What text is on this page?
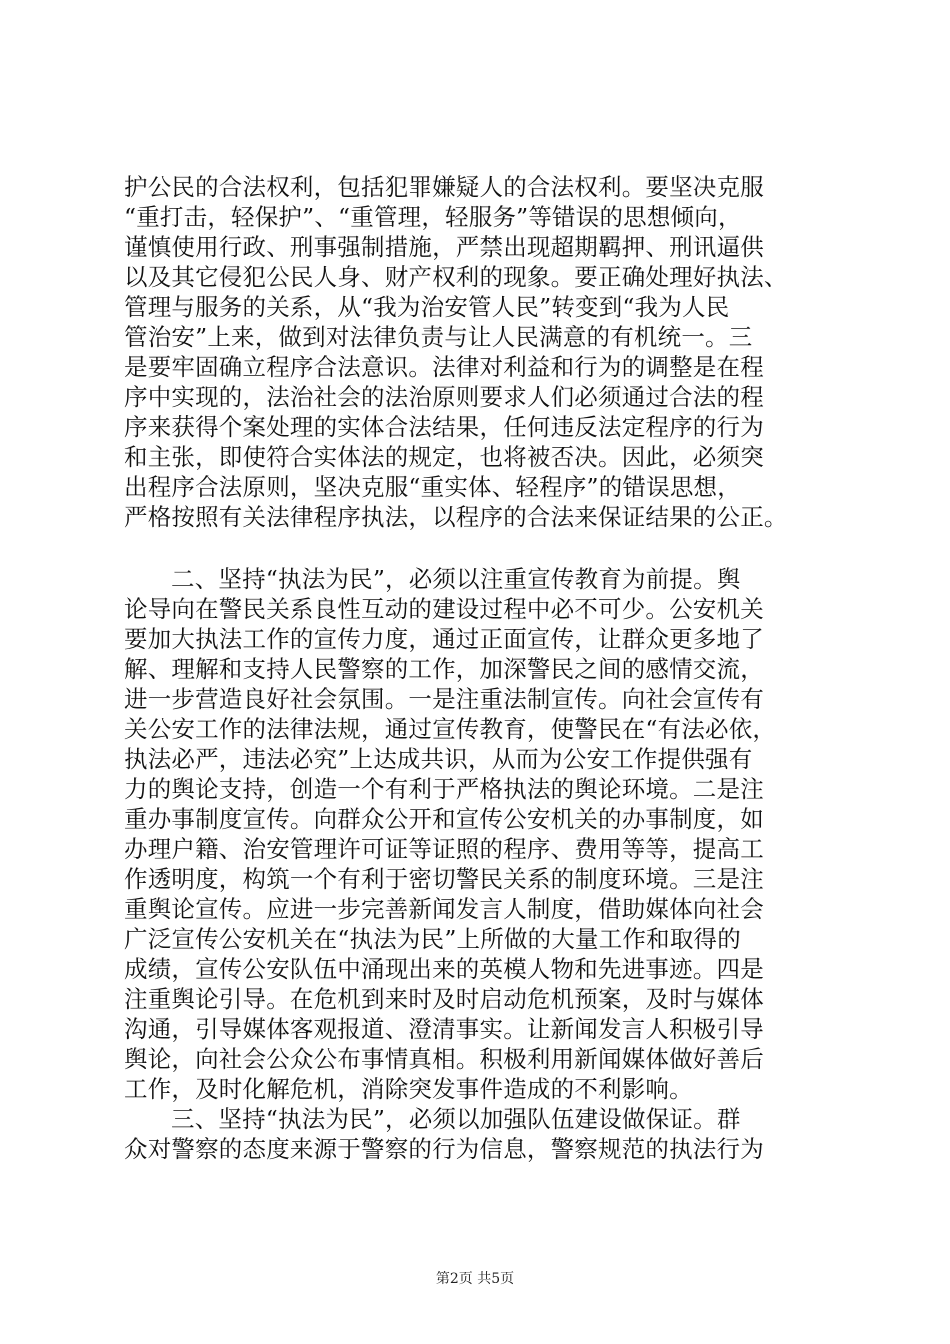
护公民的合法权利，包括犯罪嫌疑人的合法权利。要坚决克服

“重打击，轻保护”、“重管理，轻服务”等错误的思想倾向，

谨慎使用行政、刑事强制措施，严禁出现超期羁押、刑讯逼供

以及其它侵犯公民人身、财产权利的现象。要正确处理好执法、

管理与服务的关系，从“我为治安管人民”转变到“我为人民

管治安”上来，做到对法律负责与让人民满意的有机统一。三

是要牢固确立程序合法意识。法律对利益和行为的调整是在程

序中实现的，法治社会的法治原则要求人们必须通过合法的程

序来获得个案处理的实体合法结果，任何违反法定程序的行为

和主张，即使符合实体法的规定，也将被否决。因此，必须突

出程序合法原则，坚决克服“重实体、轻程序”的错误思想，

严格按照有关法律程序执法，以程序的合法来保证结果的公正。

二、坚持“执法为民”，必须以注重宣传教育为前提。舆

论导向在警民关系良性互动的建设过程中必不可少。公安机关

要加大执法工作的宣传力度，通过正面宣传，让群众更多地了

解、理解和支持人民警察的工作，加深警民之间的感情交流，

进一步营造良好社会氛围。一是注重法制宣传。向社会宣传有

关公安工作的法律法规，通过宣传教育，使警民在“有法必依，

执法必严，违法必究”上达成共识，从而为公安工作提供强有

力的舆论支持，创造一个有利于严格执法的舆论环境。二是注

重办事制度宣传。向群众公开和宣传公安机关的办事制度，如

办理户籍、治安管理许可证等证照的程序、费用等等，提高工

作透明度，构筑一个有利于密切警民关系的制度环境。三是注

重舆论宣传。应进一步完善新闻发言人制度，借助媒体向社会

广泛宣传公安机关在“执法为民”上所做的大量工作和取得的

成绩，宣传公安队伍中涌现出来的英模人物和先进事迹。四是

注重舆论引导。在危机到来时及时启动危机预案，及时与媒体

沟通，引导媒体客观报道、澄清事实。让新闻发言人积极引导

舆论，向社会公众公布事情真相。积极利用新闻媒体做好善后

工作，及时化解危机，消除突发事件造成的不利影响。

三、坚持“执法为民”，必须以加强队伍建设做保证。群

众对警察的态度来源于警察的行为信息，警察规范的执法行为

第2页 共5页
